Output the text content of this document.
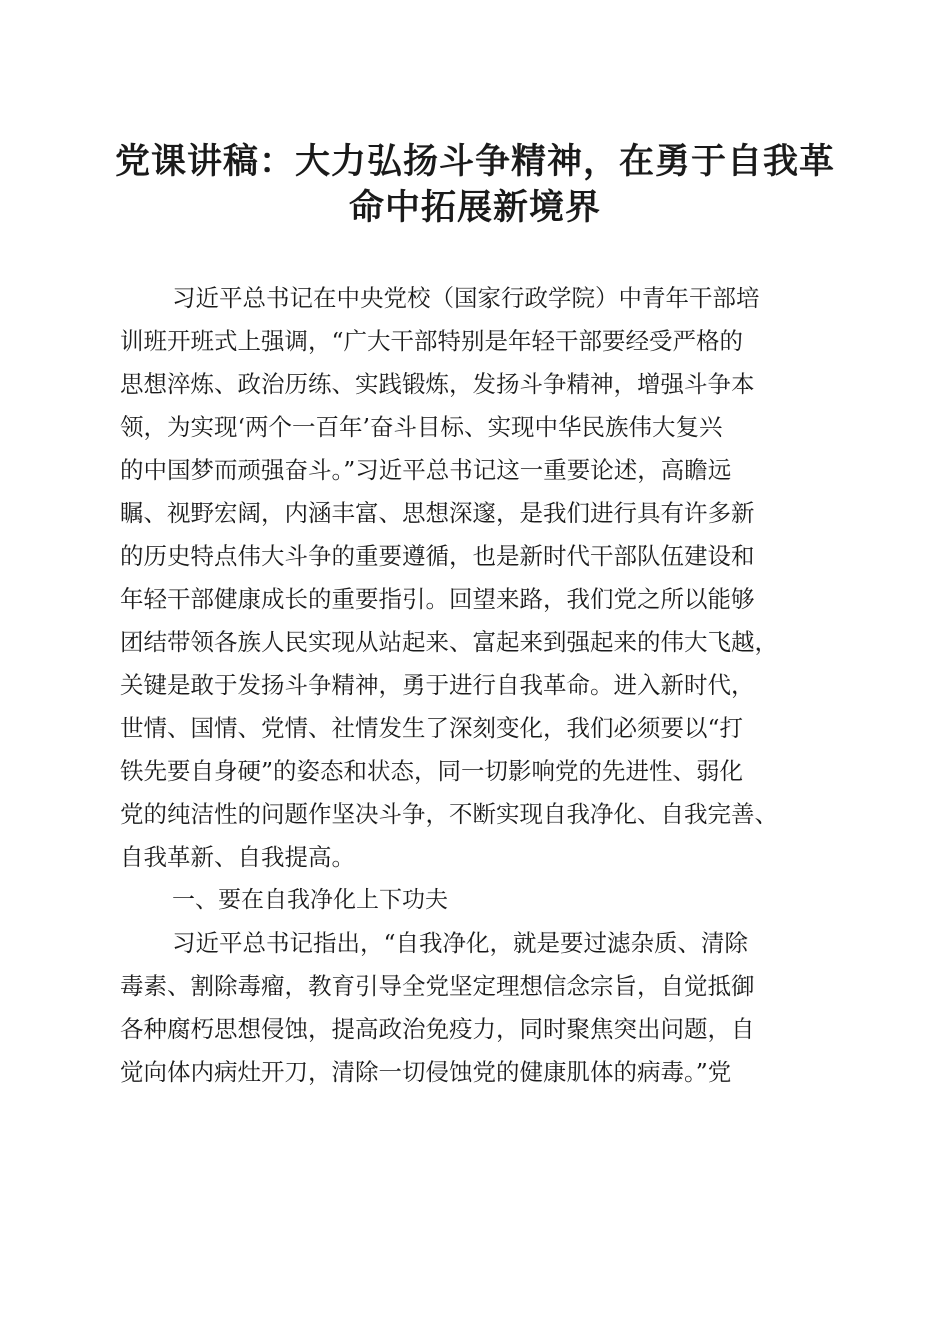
党课讲稿：大力弘扬斗争精神，在勇于自我革
命中拓展新境界
习近平总书记在中央党校（国家行政学院）中青年干部培
训班开班式上强调，“广大干部特别是年轻干部要经受严格的
思想淬炼、政治历练、实践锻炼，发扬斗争精神，增强斗争本
领，为实现‘两个一百年’奋斗目标、实现中华民族伟大复兴
的中国梦而顽强奋斗。”习近平总书记这一重要论述，高瞻远
瞩、视野宏阔，内涵丰富、思想深邃，是我们进行具有许多新
的历史特点伟大斗争的重要遵循，也是新时代干部队伍建设和
年轻干部健康成长的重要指引。回望来路，我们党之所以能够
团结带领各族人民实现从站起来、富起来到强起来的伟大飞越，
关键是敢于发扬斗争精神，勇于进行自我革命。进入新时代，
世情、国情、党情、社情发生了深刻变化，我们必须要以“打
铁先要自身硬”的姿态和状态，同一切影响党的先进性、弱化
党的纯洁性的问题作坚决斗争，不断实现自我净化、自我完善、
自我革新、自我提高。
一、要在自我净化上下功夫
习近平总书记指出，“自我净化，就是要过滤杂质、清除
毒素、割除毒瘤，教育引导全党坚定理想信念宗旨，自觉抵御
各种腐朽思想侵蚀，提高政治免疫力，同时聚焦突出问题，自
觉向体内病灶开刀，清除一切侵蚀党的健康肌体的病毒。”党
